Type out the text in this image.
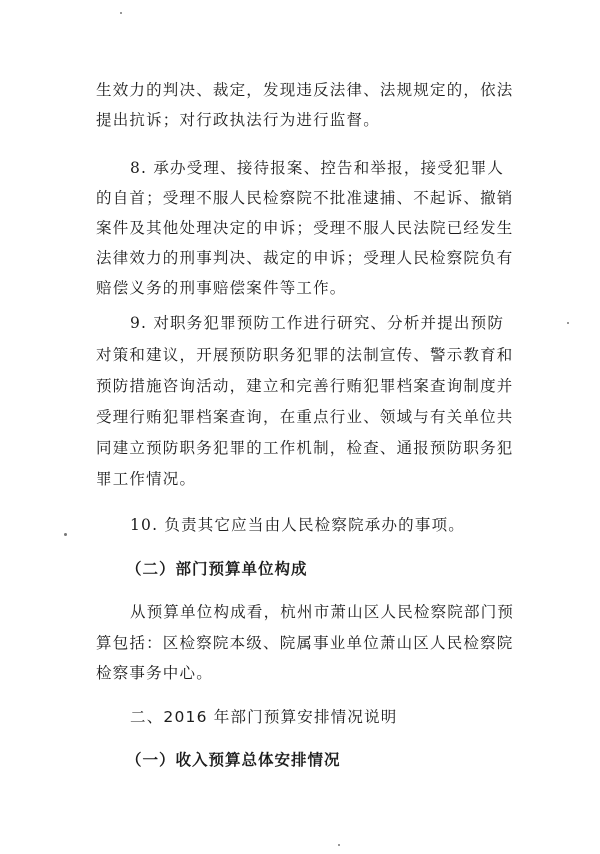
生效力的判决、裁定，发现违反法律、法规规定的，依法
提出抗诉；对行政执法行为进行监督。
8. 承办受理、接待报案、控告和举报，接受犯罪人
的自首；受理不服人民检察院不批准逮捕、不起诉、撤销
案件及其他处理决定的申诉；受理不服人民法院已经发生
法律效力的刑事判决、裁定的申诉；受理人民检察院负有
赔偿义务的刑事赔偿案件等工作。
9. 对职务犯罪预防工作进行研究、分析并提出预防
对策和建议，开展预防职务犯罪的法制宣传、警示教育和
预防措施咨询活动，建立和完善行贿犯罪档案查询制度并
受理行贿犯罪档案查询，在重点行业、领域与有关单位共
同建立预防职务犯罪的工作机制，检查、通报预防职务犯
罪工作情况。
10. 负责其它应当由人民检察院承办的事项。
（二）部门预算单位构成
从预算单位构成看，杭州市萧山区人民检察院部门预
算包括：区检察院本级、院属事业单位萧山区人民检察院
检察事务中心。
二、2016 年部门预算安排情况说明
（一）收入预算总体安排情况
